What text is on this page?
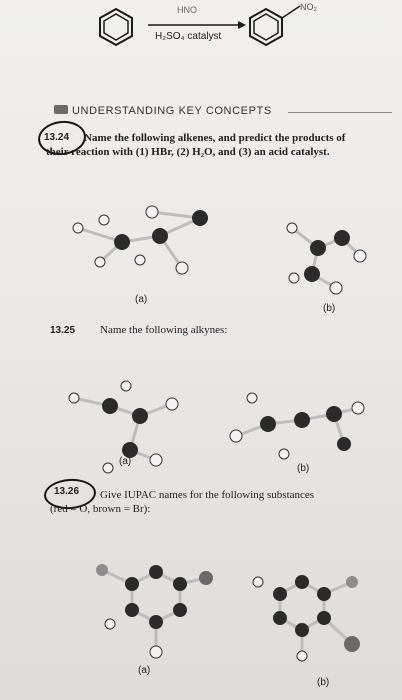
HNO
H₂SO₄ catalyst
NO₂
UNDERSTANDING KEY CONCEPTS
13.24 Name the following alkenes, and predict the products of
their reaction with (1) HBr, (2) H₂O, and (3) an acid catalyst.
(a)
(b)
13.25 Name the following alkynes:
(a)
(b)
13.26 Give IUPAC names for the following substances
(red = O, brown = Br):
(a)
(b)
